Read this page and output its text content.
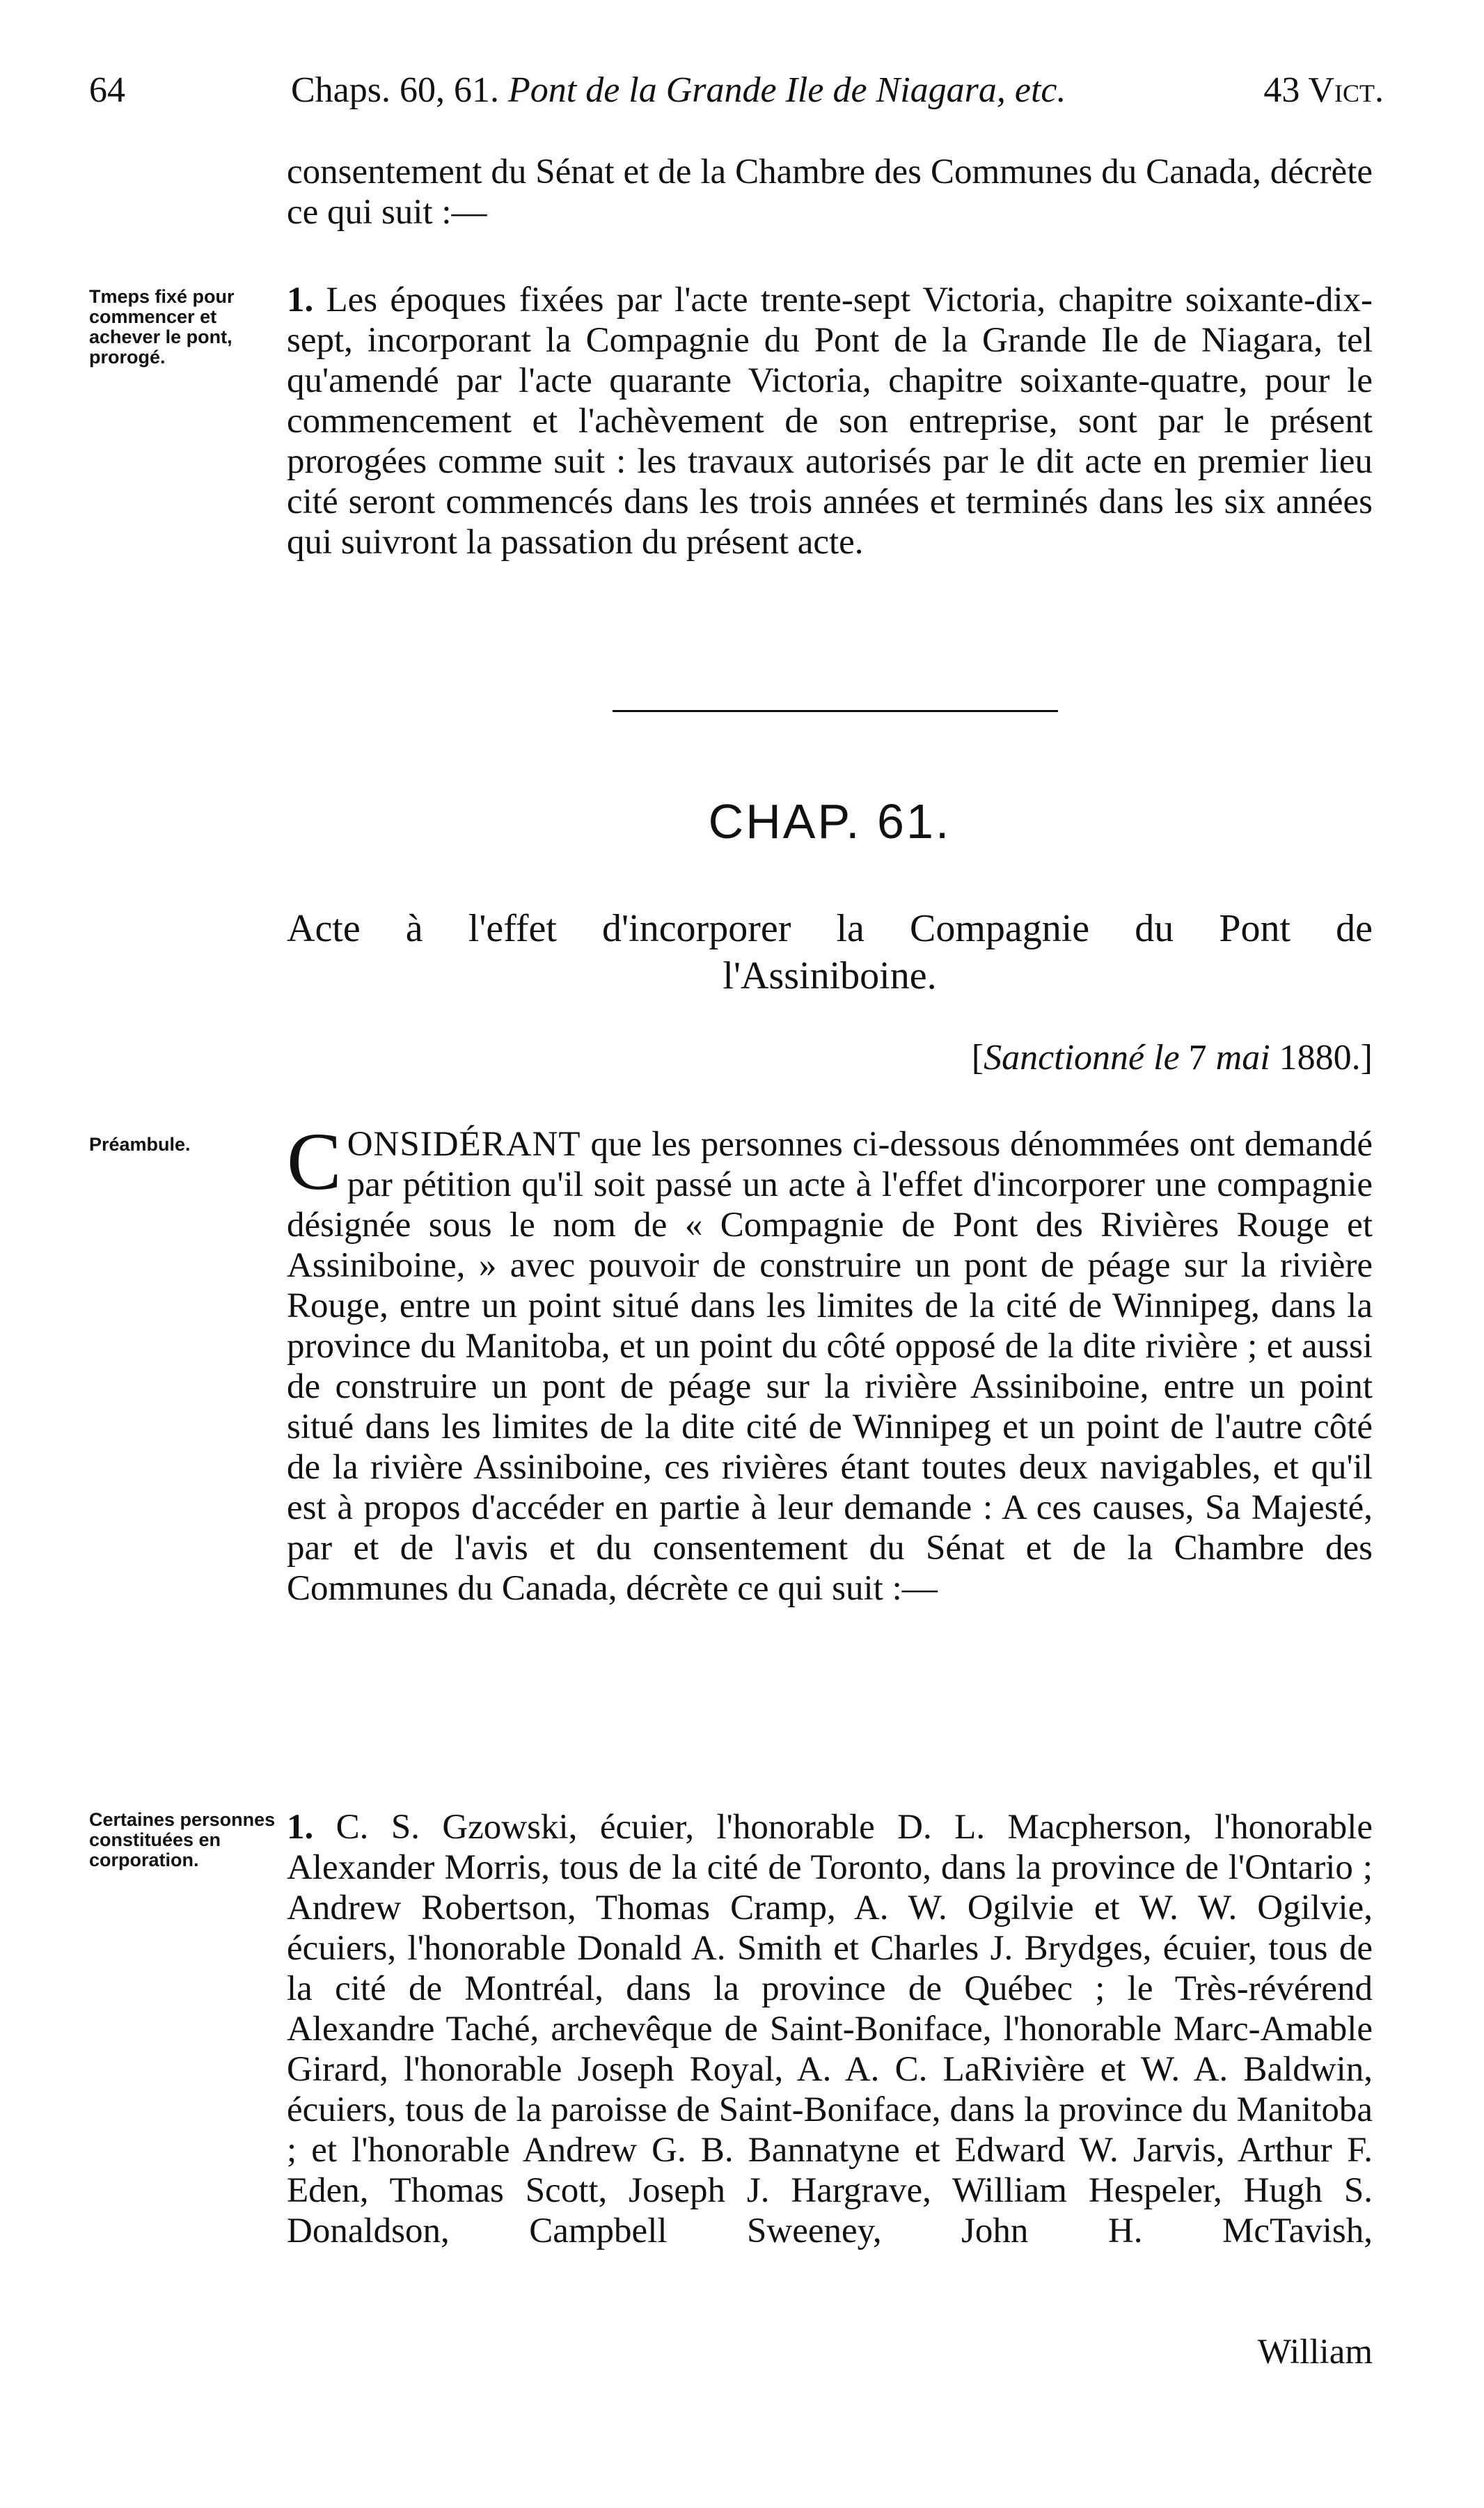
64	Chaps. 60, 61. Pont de la Grande Ile de Niagara, etc.	43 Vict.

consentement du Sénat et de la Chambre des Communes du Canada, décrète ce qui suit :—

Tmeps fixé pour commencer et achever le pont, prorogé.

1. Les époques fixées par l'acte trente-sept Victoria, chapitre soixante-dix-sept, incorporant la Compagnie du Pont de la Grande Ile de Niagara, tel qu'amendé par l'acte quarante Victoria, chapitre soixante-quatre, pour le commencement et l'achèvement de son entreprise, sont par le présent prorogées comme suit : les travaux autorisés par le dit acte en premier lieu cité seront commencés dans les trois années et terminés dans les six années qui suivront la passation du présent acte.

CHAP. 61.
Acte à l'effet d'incorporer la Compagnie du Pont de
l'Assiniboine.
[Sanctionné le 7 mai 1880.]
Préambule.	CONSIDÉRANT que les personnes ci-dessous dénommées ont demandé par pétition qu'il soit passé un acte à l'effet d'incorporer une compagnie désignée sous le nom de « Compagnie de Pont des Rivières Rouge et Assiniboine, » avec pouvoir de construire un pont de péage sur la rivière Rouge, entre un point situé dans les limites de la cité de Winnipeg, dans la province du Manitoba, et un point du côté opposé de la dite rivière ; et aussi de construire un pont de péage sur la rivière Assiniboine, entre un point situé dans les limites de la dite cité de Winnipeg et un point de l'autre côté de la rivière Assiniboine, ces rivières étant toutes deux navigables, et qu'il est à propos d'accéder en partie à leur demande : A ces causes, Sa Majesté, par et de l'avis et du consentement du Sénat et de la Chambre des Communes du Canada, décrète ce qui suit :—

Certaines personnes constituées en corporation.

1. C. S. Gzowski, écuier, l'honorable D. L. Macpherson, l'honorable Alexander Morris, tous de la cité de Toronto, dans la province de l'Ontario ; Andrew Robertson, Thomas Cramp, A. W. Ogilvie et W. W. Ogilvie, écuiers, l'honorable Donald A. Smith et Charles J. Brydges, écuier, tous de la cité de Montréal, dans la province de Québec ; le Très-révérend Alexandre Taché, archevêque de Saint-Boniface, l'honorable Marc-Amable Girard, l'honorable Joseph Royal, A. A. C. LaRivière et W. A. Baldwin, écuiers, tous de la paroisse de Saint-Boniface, dans la province du Manitoba ; et l'honorable Andrew G. B. Bannatyne et Edward W. Jarvis, Arthur F. Eden, Thomas Scott, Joseph J. Hargrave, William Hespeler, Hugh S. Donaldson, Campbell Sweeney, John H. McTavish,

William
